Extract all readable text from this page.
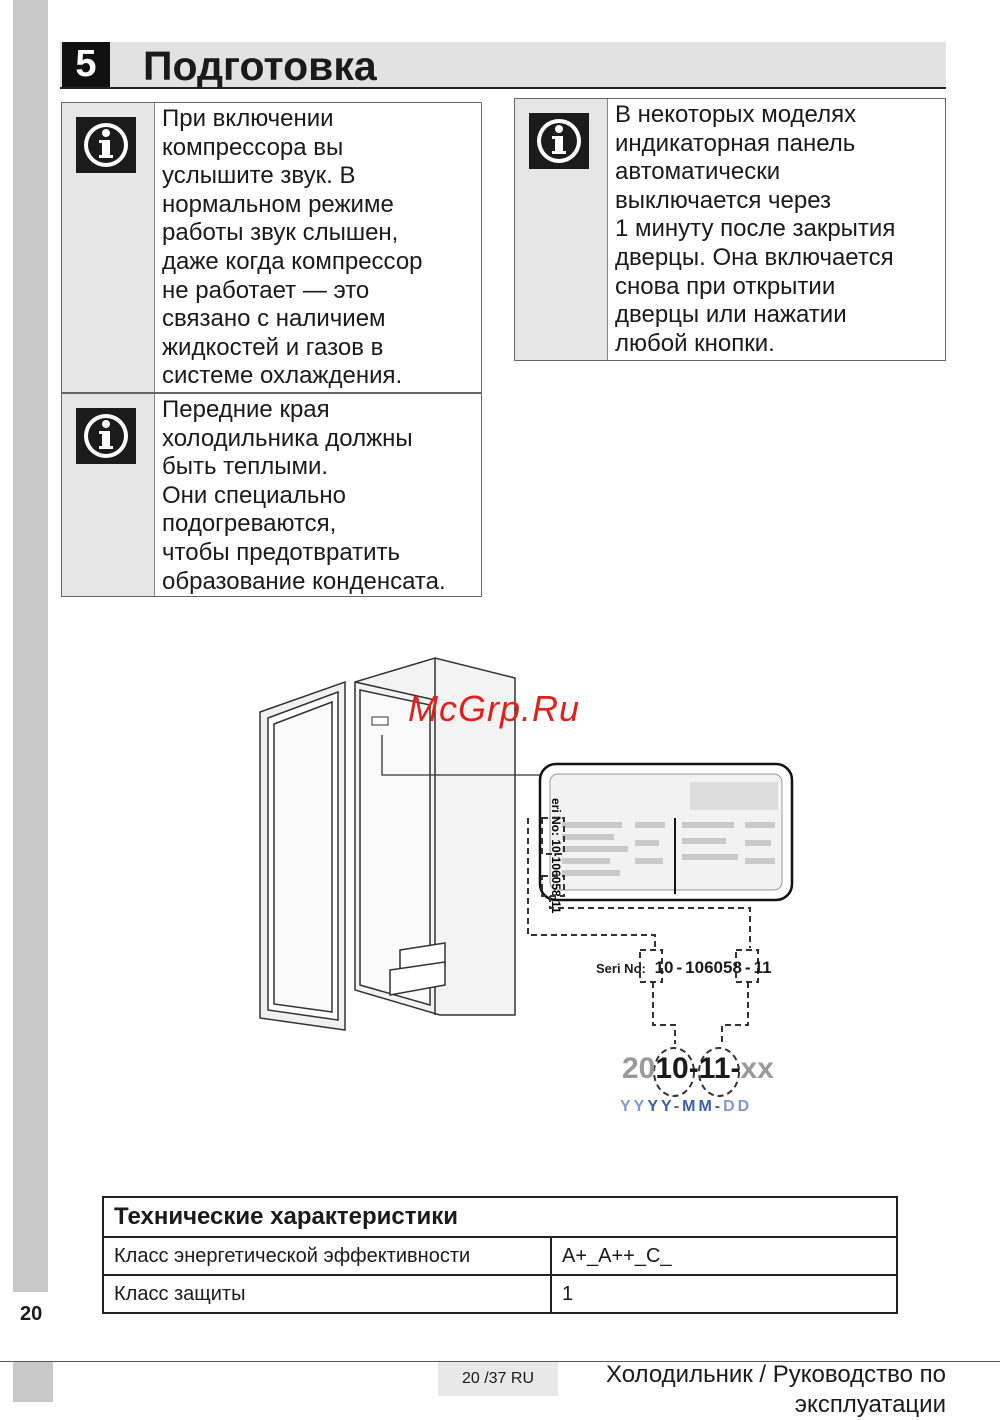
20
5	Подготовка
При включении
компрессора вы
услышите звук. В
нормальном режиме
работы звук слышен,
даже когда компрессор
не работает — это
связано с наличием
жидкостей и газов в
системе охлаждения.
Передние края
холодильника должны
быть теплыми.
Они специально
подогреваются,
чтобы предотвратить
образование конденсата.
В некоторых моделях
индикаторная панель
автоматически
выключается через
1 минуту после закрытия
дверцы. Она включается
снова при открытии
дверцы или нажатии
любой кнопки.
eri No: 10-106058-11
McGrp.Ru
Seri No: 10 - 106058 - 11
2010-11-xx
YYYY-MM-DD
Технические характеристики
Класс энергетической эффективности	A+_A++_C_
Класс защиты	1
20 /37 RU	Холодильник / Руководство по
эксплуатации
